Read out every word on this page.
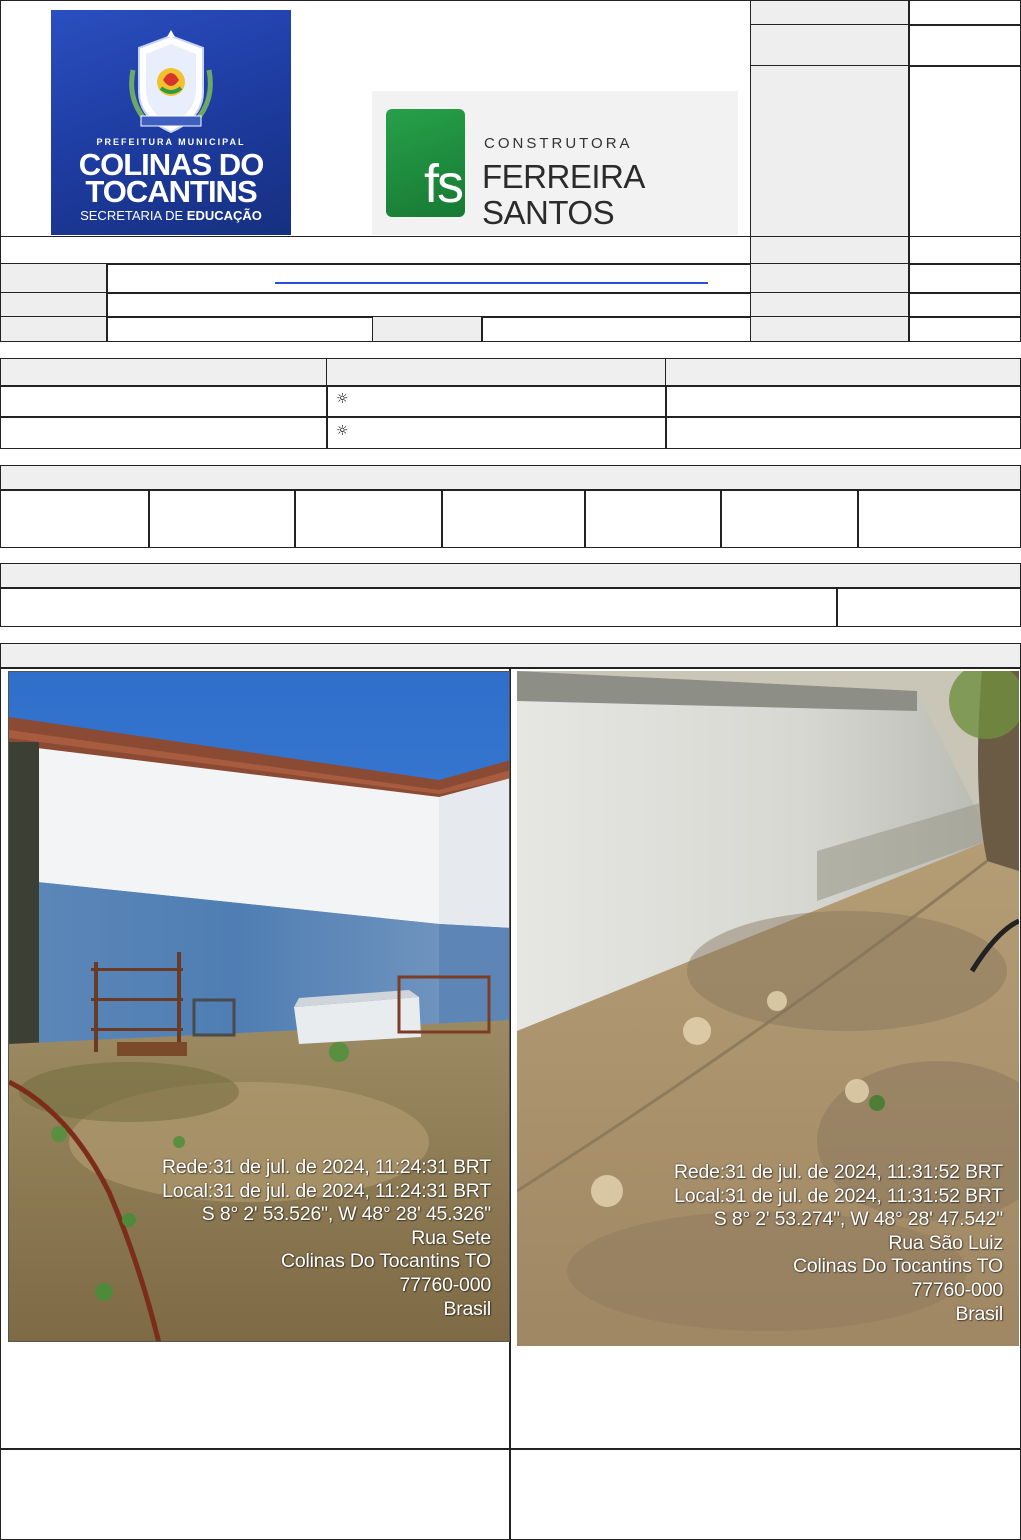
PREFEITURA MUNICIPAL
COLINAS DO
TOCANTINS
SECRETARIA DE EDUCAÇÃO
fs
CONSTRUTORA
FERREIRA SANTOS
☼
☼
Rede:31 de jul. de 2024, 11:24:31 BRT
Local:31 de jul. de 2024, 11:24:31 BRT
S 8° 2' 53.526", W 48° 28' 45.326"
Rua Sete
Colinas Do Tocantins TO
77760-000
Brasil
Rede:31 de jul. de 2024, 11:31:52 BRT
Local:31 de jul. de 2024, 11:31:52 BRT
S 8° 2' 53.274", W 48° 28' 47.542"
Rua São Luiz
Colinas Do Tocantins TO
77760-000
Brasil
